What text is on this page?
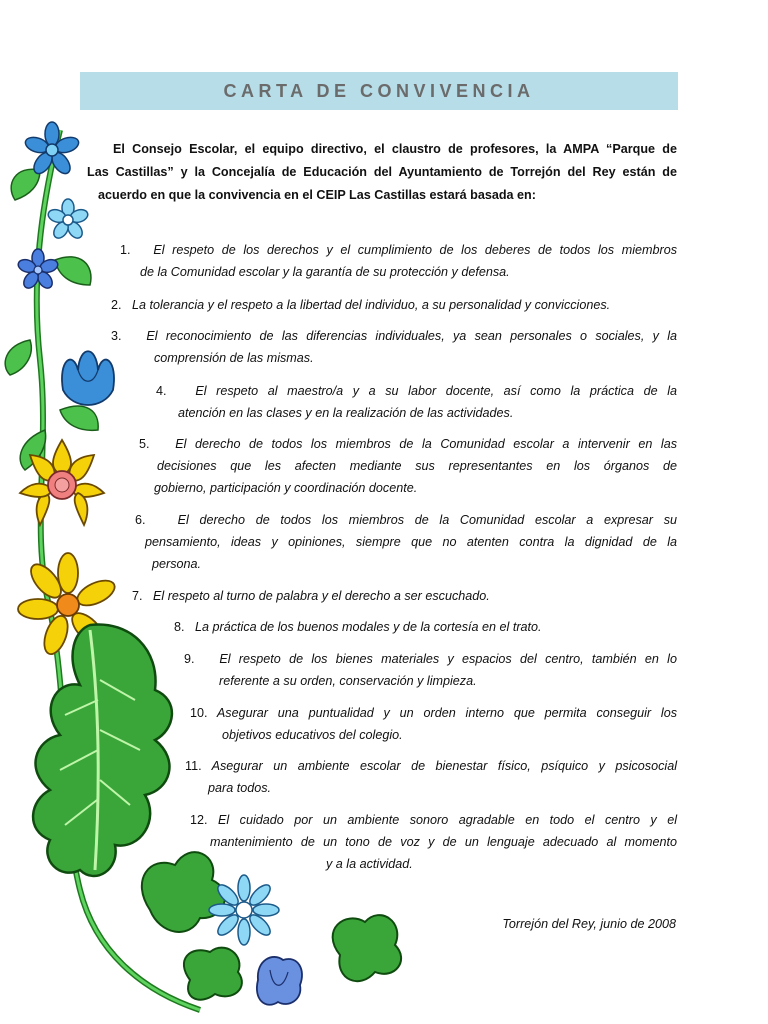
CARTA DE CONVIVENCIA
El Consejo Escolar, el equipo directivo, el claustro de profesores, la AMPA “Parque de
Las Castillas” y la Concejalía de Educación del Ayuntamiento de Torrejón del Rey están de
acuerdo en que la convivencia en el CEIP Las Castillas estará basada en:
1. El respeto de los derechos y el cumplimiento de los deberes de todos los miembros
de la Comunidad escolar y la garantía de su protección y defensa.
2. La tolerancia y el respeto a la libertad del individuo, a su personalidad y convicciones.
3. El reconocimiento de las diferencias individuales, ya sean personales o sociales, y la
comprensión de las mismas.
4. El respeto al maestro/a y a su labor docente, así como la práctica de la
atención en las clases y en la realización de las actividades.
5. El derecho de todos los miembros de la Comunidad escolar a intervenir en las
decisiones que les afecten mediante sus representantes en los órganos de
gobierno, participación y coordinación docente.
6.	El derecho de todos los miembros de la Comunidad escolar a expresar su
pensamiento, ideas y opiniones, siempre que no atenten contra la dignidad de la
persona.
7. El respeto al turno de palabra y el derecho a ser escuchado.
8. La práctica de los buenos modales y de la cortesía en el trato.
9. El respeto de los bienes materiales y espacios del centro, también en lo
referente a su orden, conservación y limpieza.
10. Asegurar una puntualidad y un orden interno que permita conseguir los
objetivos educativos del colegio.
11. Asegurar un ambiente escolar de bienestar físico, psíquico y psicosocial
para todos.
12. El cuidado por un ambiente sonoro agradable en todo el centro y el
mantenimiento de un tono de voz y de un lenguaje adecuado al momento
y a la actividad.
Torrejón del Rey, junio de 2008
